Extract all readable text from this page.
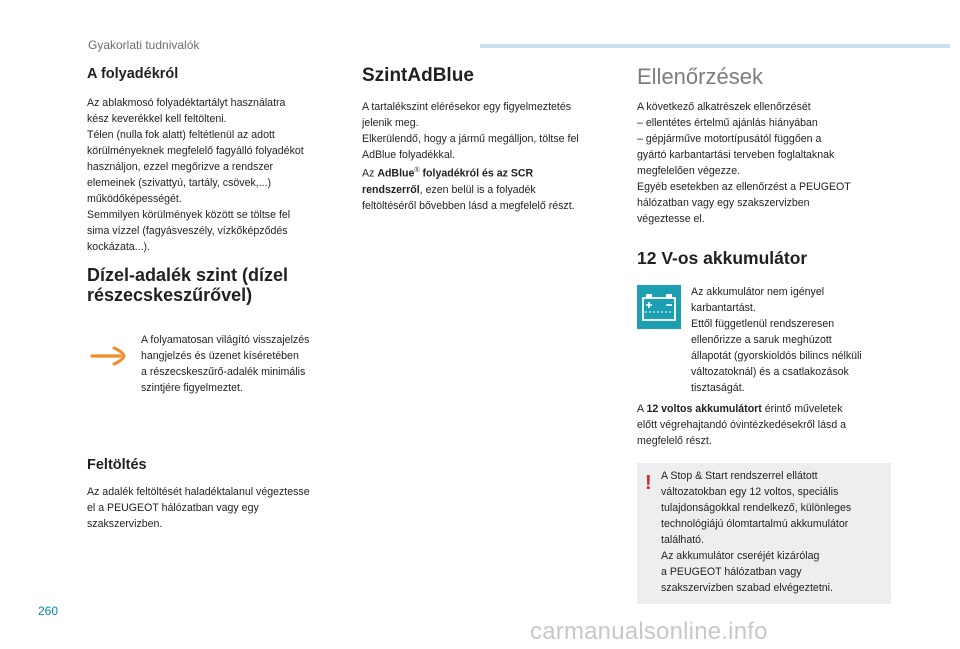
Gyakorlati tudnivalók
A folyadékról

Az ablakmosó folyadéktartályt használatra
kész keverékkel kell feltölteni.
Télen (nulla fok alatt) feltétlenül az adott
körülményeknek megfelelő fagyálló folyadékot
használjon, ezzel megőrizve a rendszer
elemeinek (szivattyú, tartály, csövek,...)
működőképességét.
Semmilyen körülmények között se töltse fel
sima vízzel (fagyásveszély, vízkőképződés
kockázata...).

Dízel-adalék szint (dízel
részecskeszűrővel)

A folyamatosan világító visszajelzés
hangjelzés és üzenet kíséretében
a részecskeszűrő-adalék minimális
szintjére figyelmeztet.

Feltöltés

Az adalék feltöltését haladéktalanul végeztesse
el a PEUGEOT hálózatban vagy egy
szakszervizben.

SzintAdBlue

A tartalékszint elérésekor egy figyelmeztetés
jelenik meg.
Elkerülendő, hogy a jármű megálljon, töltse fel
AdBlue folyadékkal.
Az AdBlue® folyadékról és az SCR
rendszerről, ezen belül is a folyadék
feltöltéséről bővebben lásd a megfelelő részt.

Ellenőrzések

A következő alkatrészek ellenőrzését
– ellentétes értelmű ajánlás hiányában
– gépjárműve motortípusától függően a
gyártó karbantartási terveben foglaltaknak
megfelelően végezze.
Egyéb esetekben az ellenőrzést a PEUGEOT
hálózatban vagy egy szakszervizben
végeztesse el.

12 V-os akkumulátor

Az akkumulátor nem igényel
karbantartást.
Ettől függetlenül rendszeresen
ellenőrizze a saruk meghúzott
állapotát (gyorskioldós bilincs nélküli
változatoknál) és a csatlakozások
tisztaságát.

A 12 voltos akkumulátort érintő műveletek
előtt végrehajtandó óvintézkedésekről lásd a
megfelelő részt.

! A Stop & Start rendszerrel ellátott
változatokban egy 12 voltos, speciális
tulajdonságokkal rendelkező, különleges
technológiájú ólomtartalmú akkumulátor
található.
Az akkumulátor cseréjét kizárólag
a PEUGEOT hálózatban vagy
szakszervizben szabad elvégeztetni.

260
carmanualsonline.info
